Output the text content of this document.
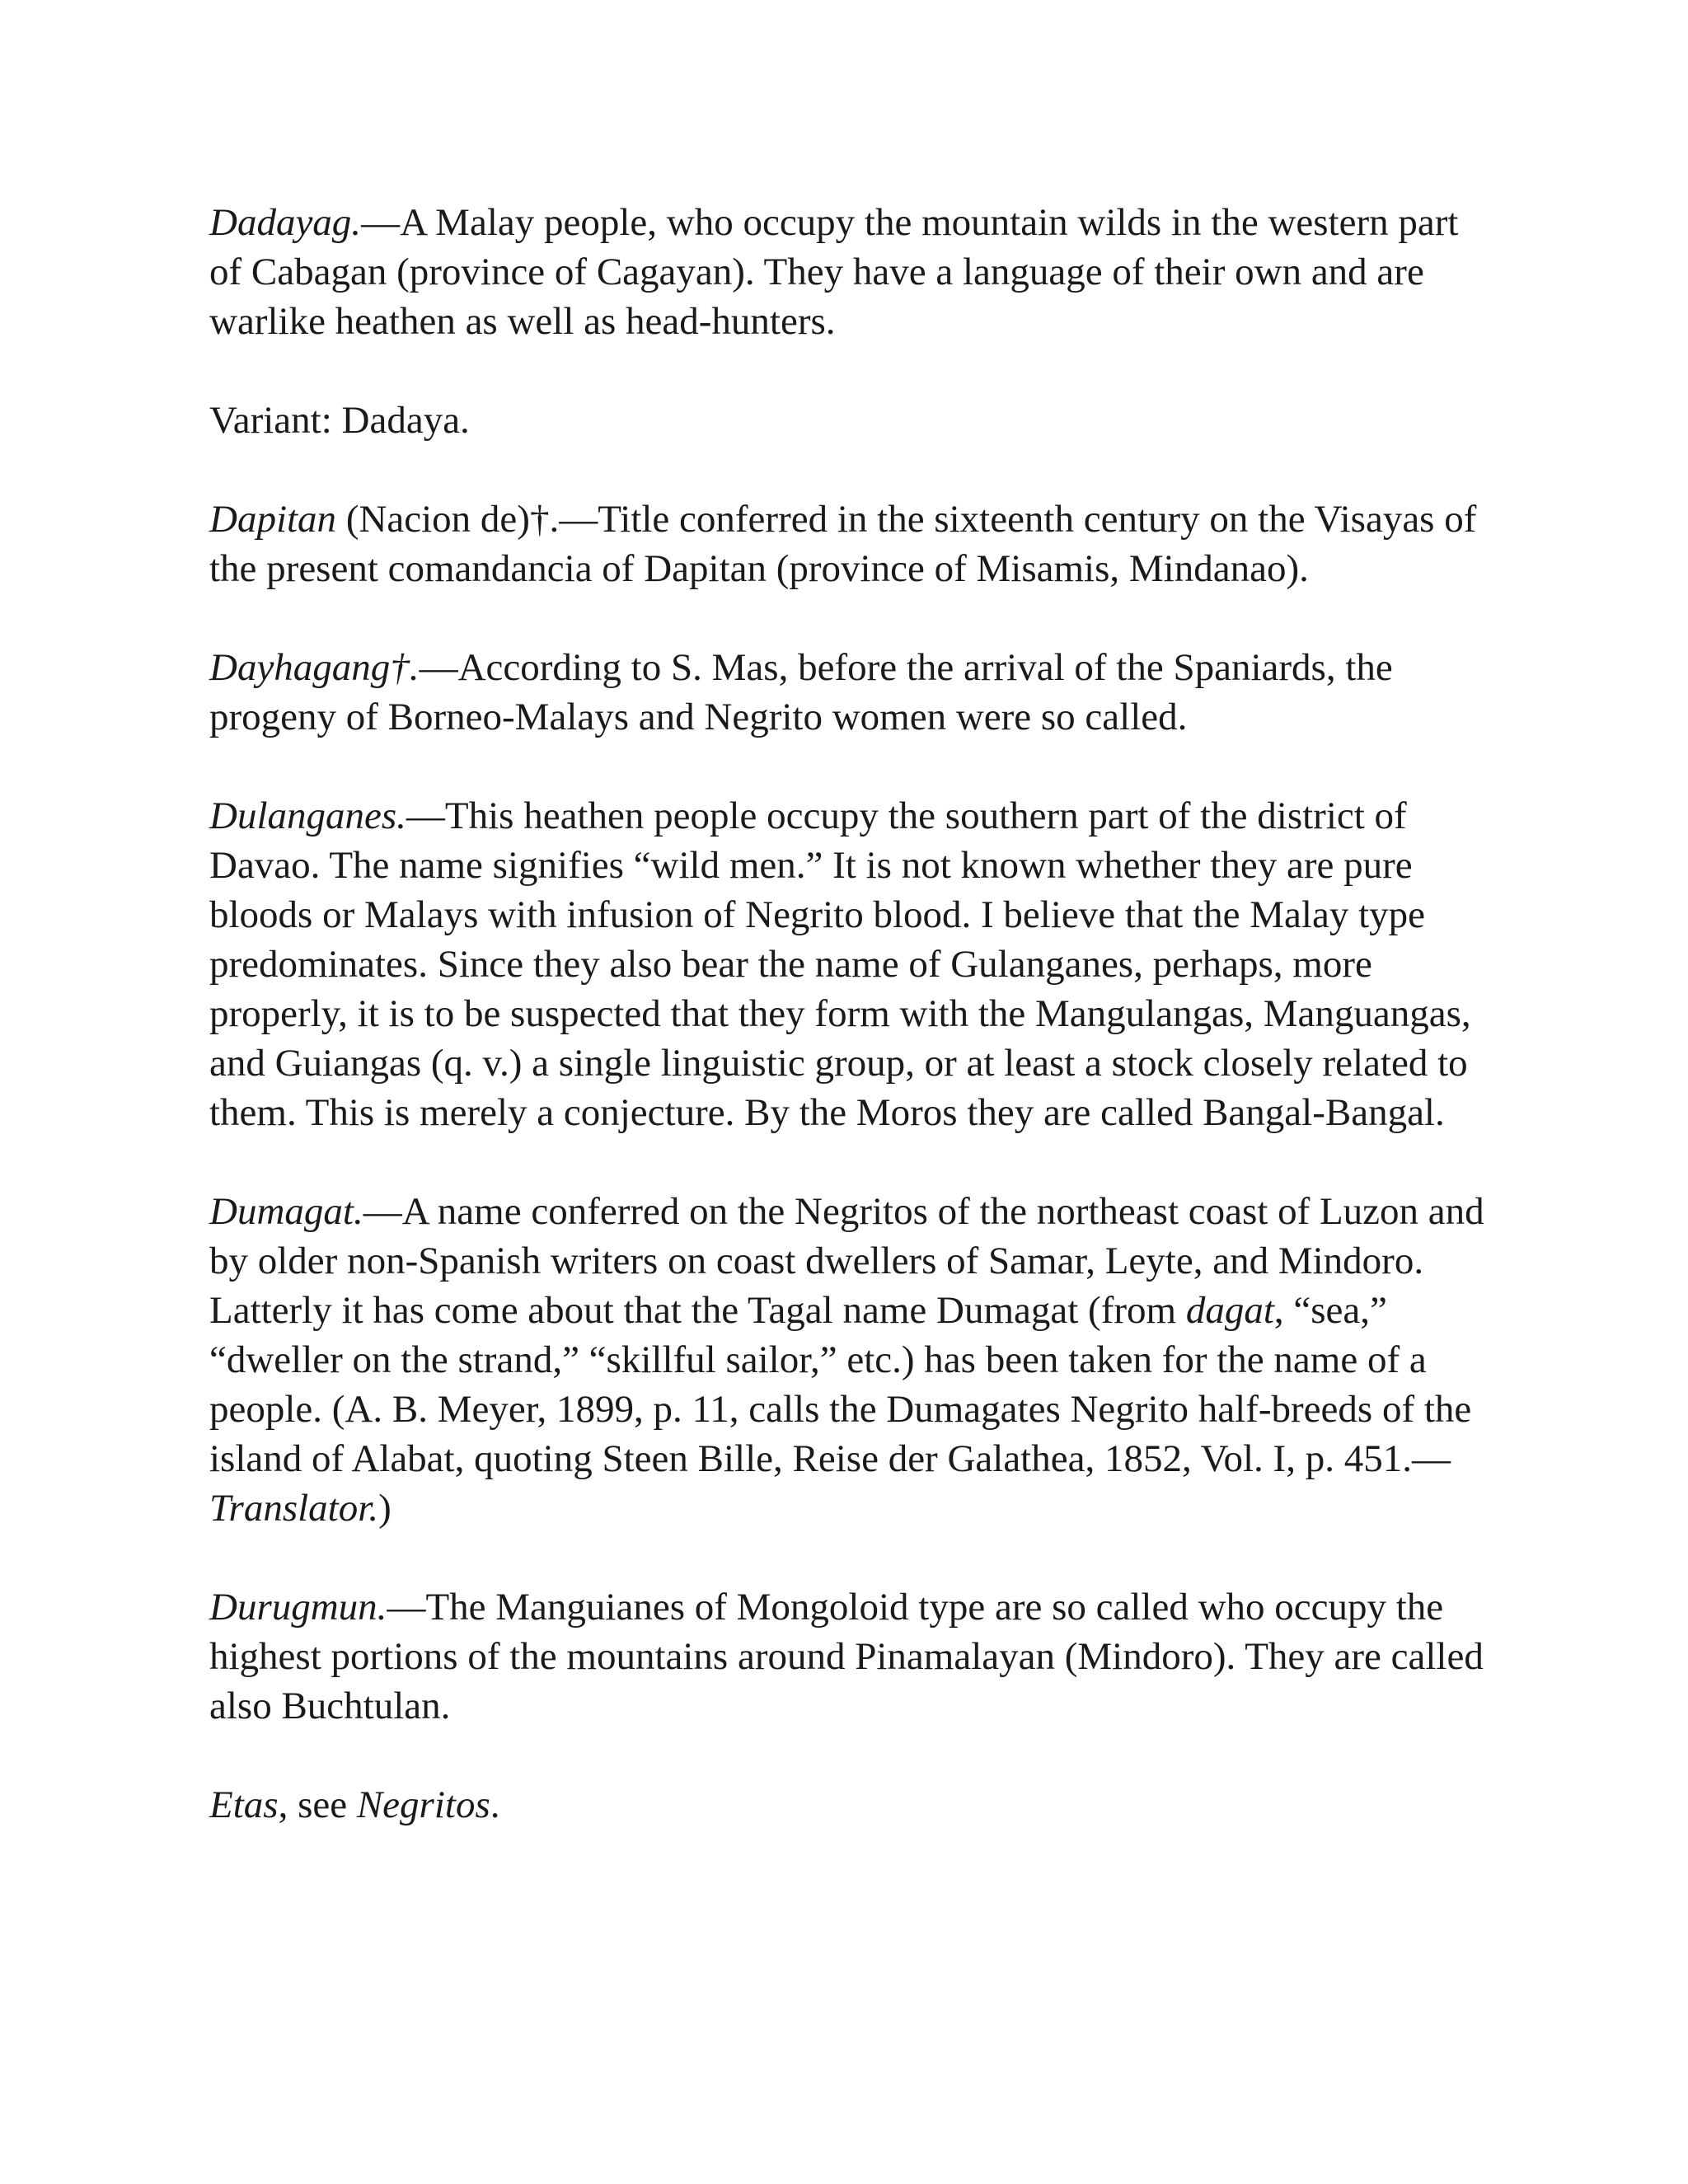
Dadayag.—A Malay people, who occupy the mountain wilds in the western part of Cabagan (province of Cagayan). They have a language of their own and are warlike heathen as well as head-hunters.

Variant: Dadaya.

Dapitan (Nacion de)†.—Title conferred in the sixteenth century on the Visayas of the present comandancia of Dapitan (province of Misamis, Mindanao).

Dayhagang†.—According to S. Mas, before the arrival of the Spaniards, the progeny of Borneo-Malays and Negrito women were so called.

Dulanganes.—This heathen people occupy the southern part of the district of Davao. The name signifies “wild men.” It is not known whether they are pure bloods or Malays with infusion of Negrito blood. I believe that the Malay type predominates. Since they also bear the name of Gulanganes, perhaps, more properly, it is to be suspected that they form with the Mangulangas, Manguangas, and Guiangas (q. v.) a single linguistic group, or at least a stock closely related to them. This is merely a conjecture. By the Moros they are called Bangal-Bangal.

Dumagat.—A name conferred on the Negritos of the northeast coast of Luzon and by older non-Spanish writers on coast dwellers of Samar, Leyte, and Mindoro. Latterly it has come about that the Tagal name Dumagat (from dagat, “sea,” “dweller on the strand,” “skillful sailor,” etc.) has been taken for the name of a people. (A. B. Meyer, 1899, p. 11, calls the Dumagates Negrito half-breeds of the island of Alabat, quoting Steen Bille, Reise der Galathea, 1852, Vol. I, p. 451.—Translator.)

Durugmun.—The Manguianes of Mongoloid type are so called who occupy the highest portions of the mountains around Pinamalayan (Mindoro). They are called also Buchtulan.

Etas, see Negritos.
